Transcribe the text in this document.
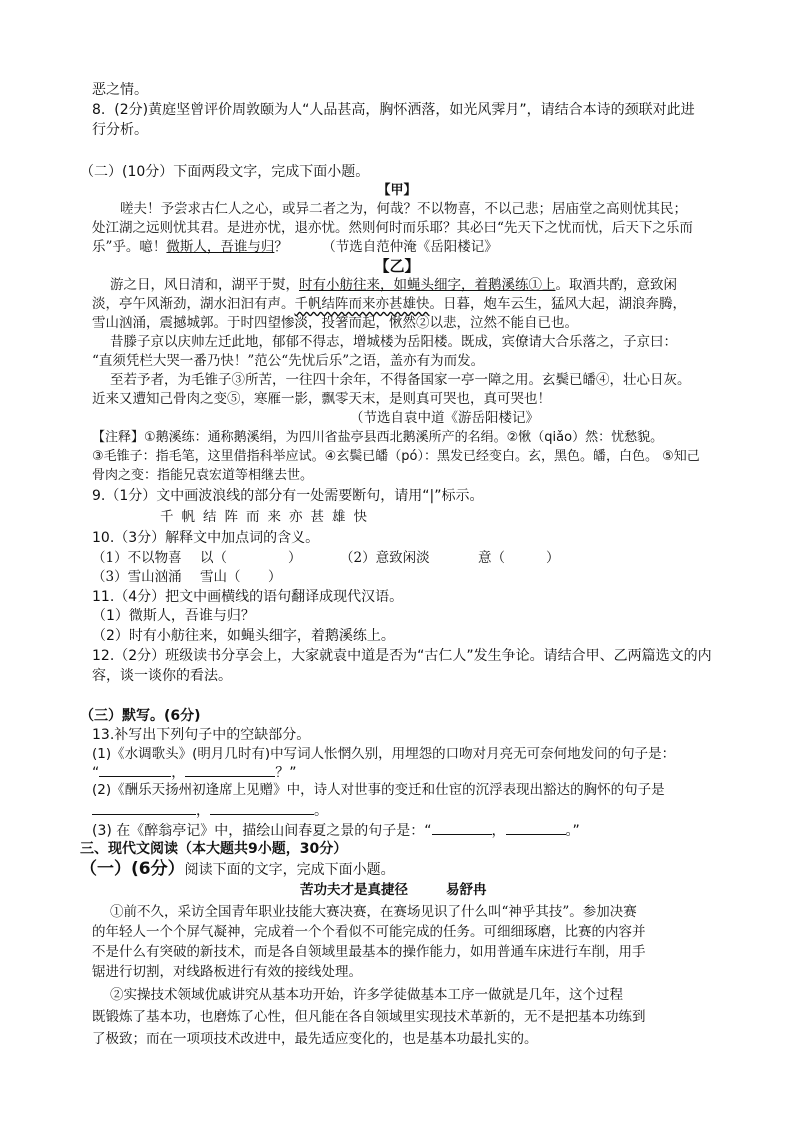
恶之情。
8.  (2分)黄庭坚曾评价周敦颐为人“人品甚高，胸怀洒落，如光风霁月”，请结合本诗的颈联对此进
行分析。
（二）(10分）下面两段文字，完成下面小题。
【甲】
嗟夫！予尝求古仁人之心，或异二者之为，何哉？不以物喜，不以己悲；居庙堂之高则忧其民；
处江湖之远则忧其君。是进亦忧，退亦忧。然则何时而乐耶？其必曰“先天下之忧而忧，后天下之乐而
乐”乎。噫！微斯人，吾谁与归？        （节选自范仲淹《岳阳楼记》
【乙】
游之日，风日清和，湖平于熨，时有小舫往来，如蝇头细字，着鹅溪练①上。取酒共酌，意致闲
淡，亭午风渐劲，湖水汩汩有声。千帆结阵而来亦甚雄快。日暮，炮车云生，猛风大起，湖浪奔腾，
雪山汹涌，震撼城郭。于时四望惨淡，投箸而起，愀然②以悲，泣然不能自已也。
昔滕子京以庆帅左迁此地，郁郁不得志，增城楼为岳阳楼。既成，宾僚请大合乐落之，子京曰：
“直须凭栏大哭一番乃快！”范公“先忧后乐”之语，盖亦有为而发。
至若予者，为毛锥子③所苦，一往四十余年，不得备国家一亭一障之用。玄鬓已皤④，壮心日灰。
近来又遭知己骨肉之变⑤，寒雁一影，飘零天末，是则真可哭也，真可哭也！
（节选自袁中道《游岳阳楼记》
【注释】①鹅溪练：通称鹅溪绢，为四川省盐亭县西北鹅溪所产的名绢。②愀（qiǎo）然：忧愁貌。
③毛锥子：指毛笔，这里借指科举应试。④玄鬓已皤（pó）：黑发已经变白。玄，黑色。皤，白色。 ⑤知己
骨肉之变：指能兄袁宏道等相继去世。
9.（1分）文中画波浪线的部分有一处需要断句，请用“|”标示。
千帆结阵而来亦甚雄快
10.（3分）解释文中加点词的含义。
（1）不以物喜 以（	）	（2）意致闲淡	意（	）
（3）雪山汹涌 雪山（ ）
11.（4分）把文中画横线的语句翻译成现代汉语。
（1）微斯人，吾谁与归？
（2）时有小舫往来，如蝇头细字，着鹅溪练上。
12.（2分）班级读书分享会上，大家就袁中道是否为“古仁人”发生争论。请结合甲、乙两篇选文的内
容，谈一谈你的看法。
（三）默写。(6分)
13.补写出下列句子中的空缺部分。
(1)《水调歌头》(明月几时有)中写词人怅惘久别，用埋怨的口吻对月亮无可奈何地发问的句子是：
“	，	？”
(2)《酬乐天扬州初逢席上见赠》中，诗人对世事的变迁和仕宦的沉浮表现出豁达的胸怀的句子是
，	。
(3) 在《醉翁亭记》中，描绘山间春夏之景的句子是：“	，	。”
三、现代文阅读（本大题共9小题，30分）
（一）(6分）阅读下面的文字，完成下面小题。
苦功夫才是真捷径	易舒冉
①前不久，采访全国青年职业技能大赛决赛，在赛场见识了什么叫“神乎其技”。参加决赛
的年轻人一个个屏气凝神，完成着一个个看似不可能完成的任务。可细细琢磨，比赛的内容并
不是什么有突破的新技术，而是各自领域里最基本的操作能力，如用普通车床进行车削，用手
锯进行切割，对线路板进行有效的接线处理。
②实操技术领域优戚讲究从基本功开始，许多学徒做基本工序一做就是几年，这个过程
既锻炼了基本功，也磨炼了心性，但凡能在各自领域里实现技术革新的，无不是把基本功练到
了极致；而在一项项技术改进中，最先适应变化的，也是基本功最扎实的。
